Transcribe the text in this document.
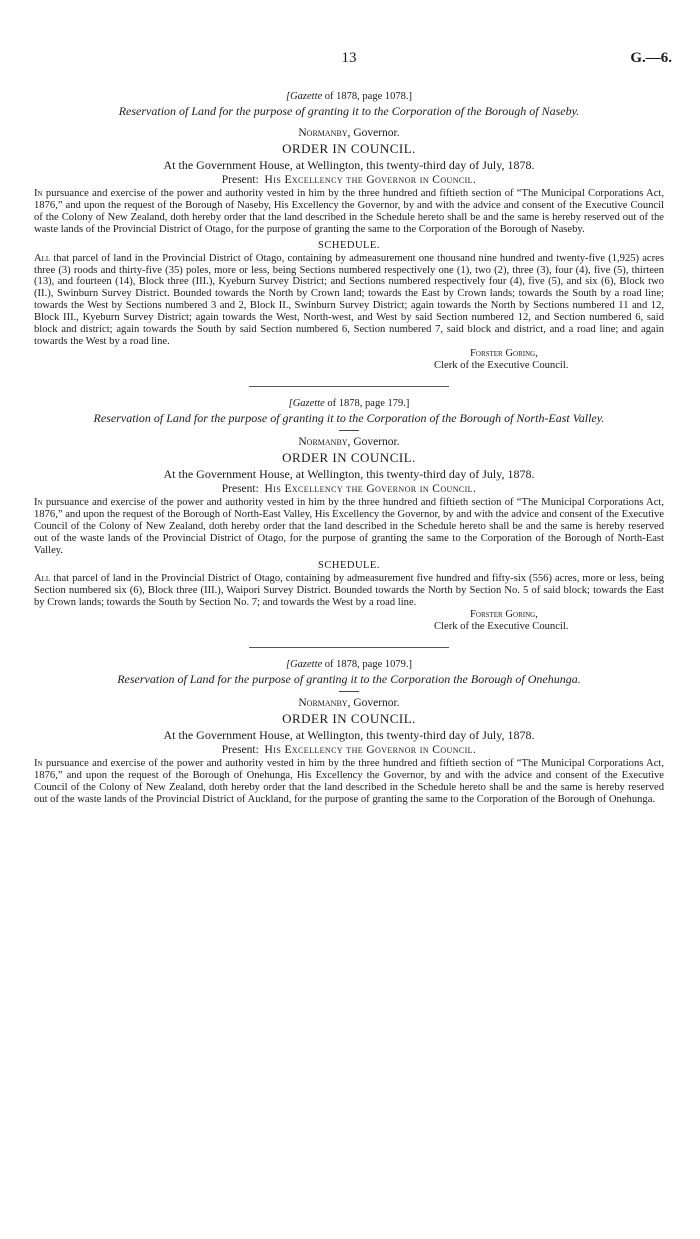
13	G.—6.

[Gazette of 1878, page 1078.]

Reservation of Land for the purpose of granting it to the Corporation of the Borough of Naseby.

Normanby, Governor.

ORDER IN COUNCIL.

At the Government House, at Wellington, this twenty-third day of July, 1878.

Present: His Excellency the Governor in Council.

In pursuance and exercise of the power and authority vested in him by the three hundred and fiftieth section of “The Municipal Corporations Act, 1876,” and upon the request of the Borough of Naseby, His Excellency the Governor, by and with the advice and consent of the Executive Council of the Colony of New Zealand, doth hereby order that the land described in the Schedule hereto shall be and the same is hereby reserved out of the waste lands of the Provincial District of Otago, for the purpose of granting the same to the Corporation of the Borough of Naseby.

SCHEDULE.

All that parcel of land in the Provincial District of Otago, containing by admeasurement one thousand nine hundred and twenty-five (1,925) acres three (3) roods and thirty-five (35) poles, more or less, being Sections numbered respectively one (1), two (2), three (3), four (4), five (5), thirteen (13), and fourteen (14), Block three (III.), Kyeburn Survey District; and Sections numbered respectively four (4), five (5), and six (6), Block two (II.), Swinburn Survey District. Bounded towards the North by Crown land; towards the East by Crown lands; towards the South by a road line; towards the West by Sections numbered 3 and 2, Block II., Swinburn Survey District; again towards the North by Sections numbered 11 and 12, Block III., Kyeburn Survey District; again towards the West, North-west, and West by said Section numbered 12, and Section numbered 6, said block and district; again towards the South by said Section numbered 6, Section numbered 7, said block and district, and a road line; and again towards the West by a road line.

Forster Goring,
Clerk of the Executive Council.

[Gazette of 1878, page 179.]

Reservation of Land for the purpose of granting it to the Corporation of the Borough of North-East Valley.

Normanby, Governor.

ORDER IN COUNCIL.

At the Government House, at Wellington, this twenty-third day of July, 1878.

Present: His Excellency the Governor in Council.

In pursuance and exercise of the power and authority vested in him by the three hundred and fiftieth section of “The Municipal Corporations Act, 1876,” and upon the request of the Borough of North-East Valley, His Excellency the Governor, by and with the advice and consent of the Executive Council of the Colony of New Zealand, doth hereby order that the land described in the Schedule hereto shall be and the same is hereby reserved out of the waste lands of the Provincial District of Otago, for the purpose of granting the same to the Corporation of the Borough of North-East Valley.

SCHEDULE.

All that parcel of land in the Provincial District of Otago, containing by admeasurement five hundred and fifty-six (556) acres, more or less, being Section numbered six (6), Block three (III.), Waipori Survey District. Bounded towards the North by Section No. 5 of said block; towards the East by Crown lands; towards the South by Section No. 7; and towards the West by a road line.

Forster Goring,
Clerk of the Executive Council.

[Gazette of 1878, page 1079.]

Reservation of Land for the purpose of granting it to the Corporation the Borough of Onehunga.

Normanby, Governor.

ORDER IN COUNCIL.

At the Government House, at Wellington, this twenty-third day of July, 1878.

Present: His Excellency the Governor in Council.

In pursuance and exercise of the power and authority vested in him by the three hundred and fiftieth section of “The Municipal Corporations Act, 1876,” and upon the request of the Borough of Onehunga, His Excellency the Governor, by and with the advice and consent of the Executive Council of the Colony of New Zealand, doth hereby order that the land described in the Schedule hereto shall be and the same is hereby reserved out of the waste lands of the Provincial District of Auckland, for the purpose of granting the same to the Corporation of the Borough of Onehunga.
